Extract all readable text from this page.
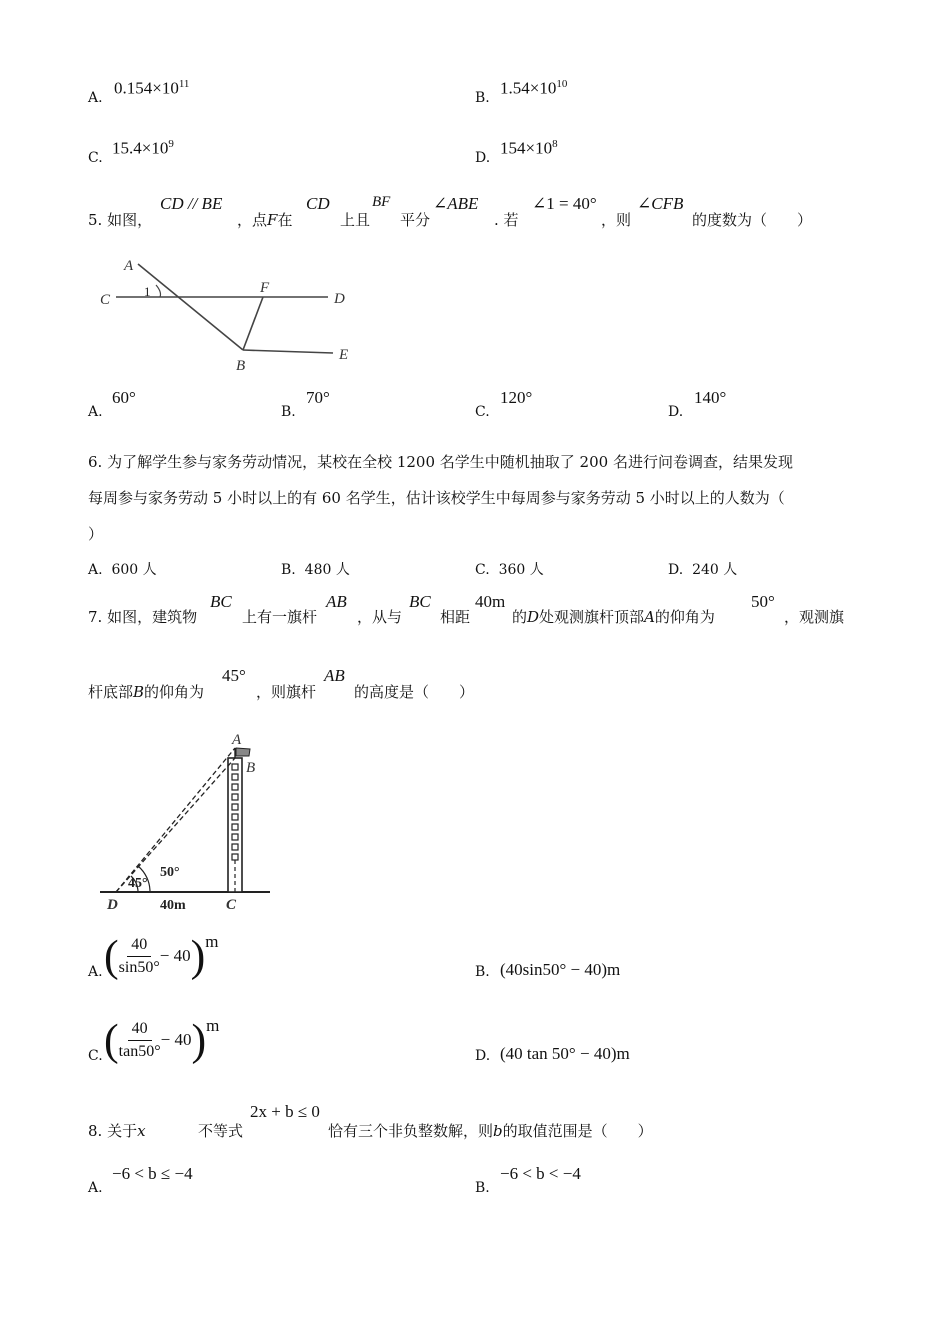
A.
$0.154\times 10^{11}$
B.
$1.54\times 10^{10}$
C.
$15.4\times 10^9$
D.
$154\times 10^8$
5. 如图，
CD // BE
，点F在
CD
上且
BF
平分
∠ABE
. 若
∠1 = 40°
，则
∠CFB
的度数为（　　）
A
C
1	F
D
B
E
A.
60°
B.
70°
C.
120°
D.
140°
6. 为了解学生参与家务劳动情况，某校在全校 1200 名学生中随机抽取了 200 名进行问卷调查，结果发现
每周参与家务劳动 5 小时以上的有 60 名学生，估计该校学生中每周参与家务劳动 5 小时以上的人数为（
）
A. 600 人	B. 480 人	C. 360 人	D. 240 人
7. 如图，建筑物
BC
上有一旗杆
AB
，从与
BC
相距
40m
的D处观测旗杆顶部A的仰角为
50°
，观测旗
杆底部B的仰角为
45°
，则旗杆
AB
的高度是（　　）
A
B
C
D
45°
50°
40m
A. ( $\frac{40}{\sin 50^\circ} - 40)m$
B. (40sin50° − 40)m
C. ( $\frac{40}{\tan 50^\circ} - 40)m$
D. (40 tan 50° − 40)m
8. 关于x	不等式
2x + b ≤ 0
恰有三个非负整数解，则b的取值范围是（　　）
A.
−6 < b ≤ −4
B.
−6 < b < −4
